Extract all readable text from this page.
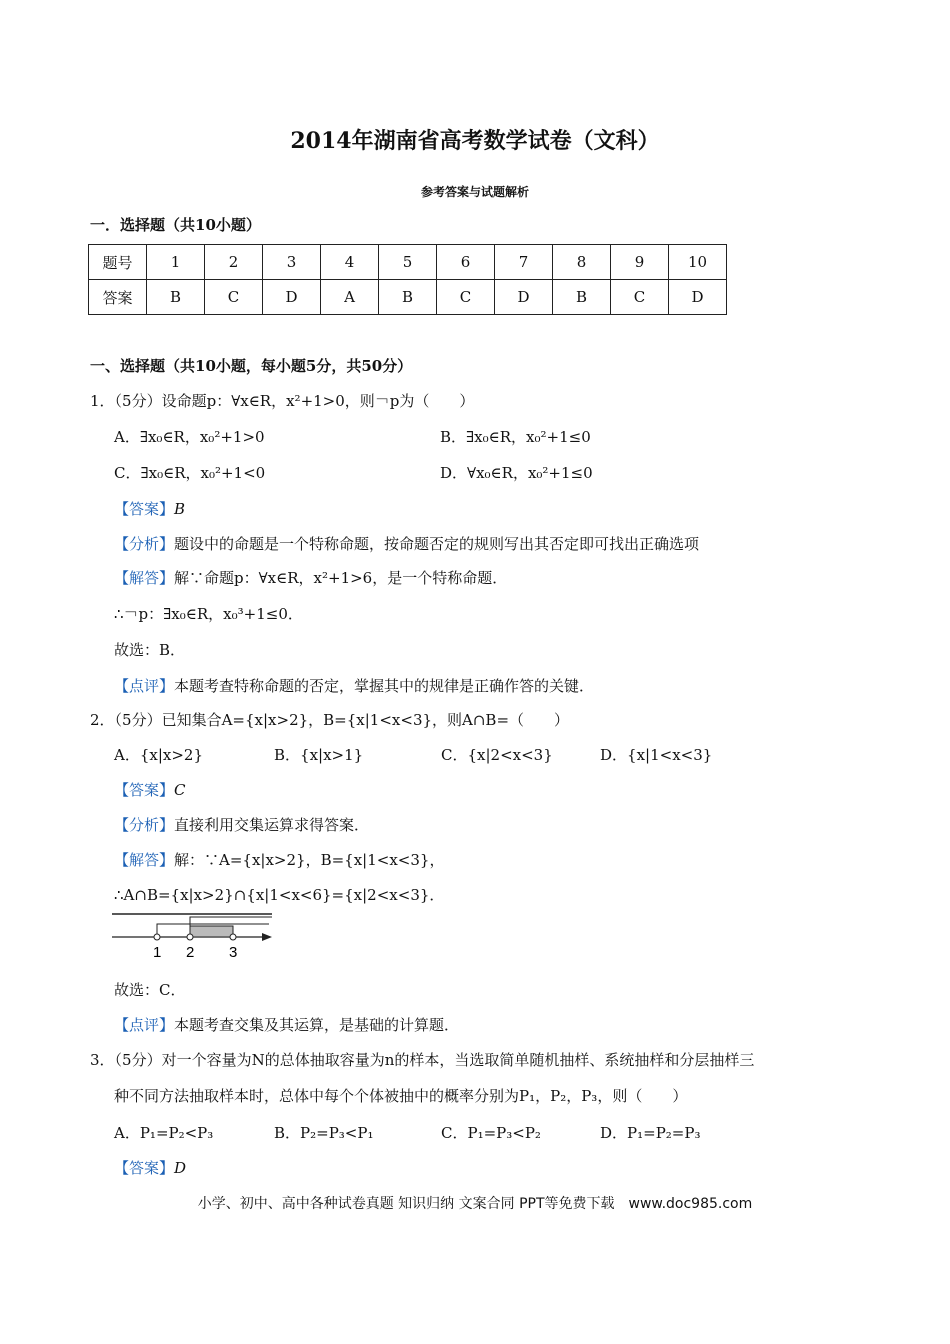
2014年湖南省高考数学试卷（文科）
参考答案与试题解析
一．选择题（共10小题）
题号	1	2	3	4	5	6	7	8	9	10
答案	B	C	D	A	B	C	D	B	C	D
一、选择题（共10小题，每小题5分，共50分）
1．（5分）设命题p：∀x∈R，x²+1>0，则￢p为（　　）
A．∃x₀∈R，x₀²+1>0	B．∃x₀∈R，x₀²+1≤0
C．∃x₀∈R，x₀²+1<0	D．∀x₀∈R，x₀²+1≤0
【答案】B
【分析】题设中的命题是一个特称命题，按命题否定的规则写出其否定即可找出正确选项
【解答】解∵命题p：∀x∈R，x²+1>6，是一个特称命题．
∴￢p：∃x₀∈R，x₀³+1≤0．
故选：B．
【点评】本题考查特称命题的否定，掌握其中的规律是正确作答的关键．
2．（5分）已知集合A={x|x>2}，B={x|1<x<3}，则A∩B=（　　）
A．{x|x>2}	B．{x|x>1}	C．{x|2<x<3}	D．{x|1<x<3}
【答案】C
【分析】直接利用交集运算求得答案．
【解答】解：∵A={x|x>2}，B={x|1<x<3}，
∴A∩B={x|x>2}∩{x|1<x<6}={x|2<x<3}．
1 2 3
故选：C．
【点评】本题考查交集及其运算，是基础的计算题．
3．（5分）对一个容量为N的总体抽取容量为n的样本，当选取简单随机抽样、系统抽样和分层抽样三
种不同方法抽取样本时，总体中每个个体被抽中的概率分别为P₁，P₂，P₃，则（　　）
A．P₁=P₂<P₃	B．P₂=P₃<P₁	C．P₁=P₃<P₂	D．P₁=P₂=P₃
【答案】D
小学、初中、高中各种试卷真题 知识归纳 文案合同 PPT等免费下载　www.doc985.com
